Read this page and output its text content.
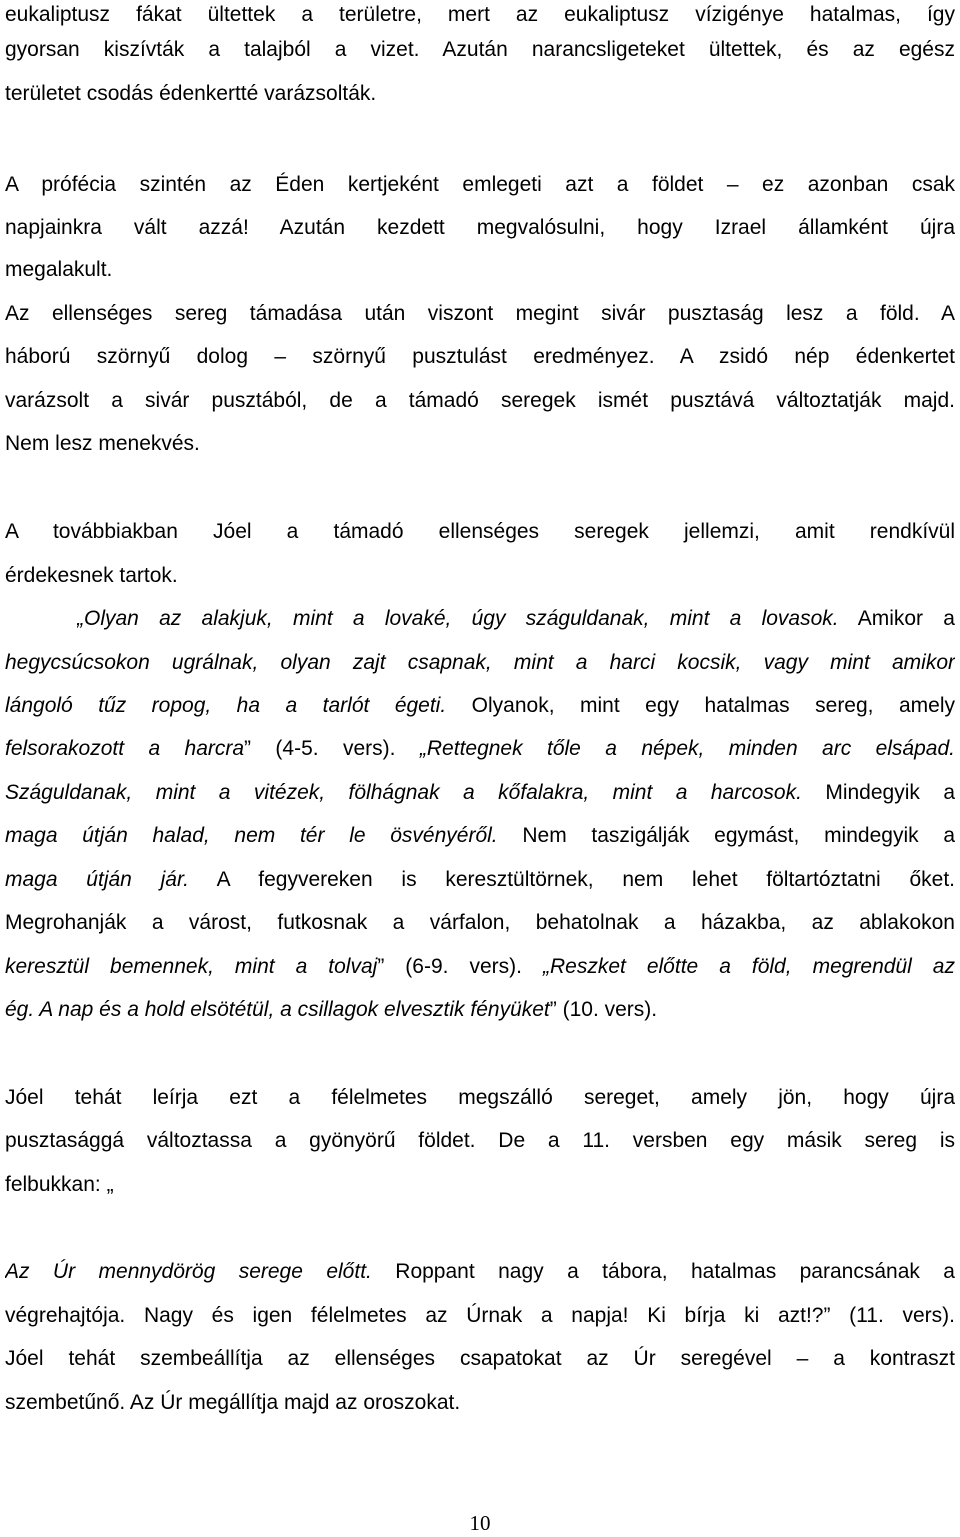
eukaliptusz fákat ültettek a területre, mert az eukaliptusz vízigénye hatalmas, így
gyorsan kiszívták a talajból a vizet. Azután narancsligeteket ültettek, és az egész
területet csodás édenkertté varázsolták.
A prófécia szintén az Éden kertjeként emlegeti azt a földet – ez azonban csak
napjainkra vált azzá! Azután kezdett megvalósulni, hogy Izrael államként újra
megalakult.
Az ellenséges sereg támadása után viszont megint sivár pusztaság lesz a föld. A
háború szörnyű dolog – szörnyű pusztulást eredményez. A zsidó nép édenkertet
varázsolt a sivár pusztából, de a támadó seregek ismét pusztává változtatják majd.
Nem lesz menekvés.
A továbbiakban Jóel a támadó ellenséges seregek jellemzi, amit rendkívül
érdekesnek tartok.
„Olyan az alakjuk, mint a lovaké, úgy száguldanak, mint a lovasok. Amikor a
hegycsúcsokon ugrálnak, olyan zajt csapnak, mint a harci kocsik, vagy mint amikor
lángoló tűz ropog, ha a tarlót égeti. Olyanok, mint egy hatalmas sereg, amely
felsorakozott a harcra” (4-5. vers). „Rettegnek tőle a népek, minden arc elsápad.
Száguldanak, mint a vitézek, fölhágnak a kőfalakra, mint a harcosok. Mindegyik a
maga útján halad, nem tér le ösvényéről. Nem taszigálják egymást, mindegyik a
maga útján jár. A fegyvereken is keresztültörnek, nem lehet föltartóztatni őket.
Megrohanják a várost, futkosnak a várfalon, behatolnak a házakba, az ablakokon
keresztül bemennek, mint a tolvaj” (6-9. vers). „Reszket előtte a föld, megrendül az
ég. A nap és a hold elsötétül, a csillagok elvesztik fényüket” (10. vers).
Jóel tehát leírja ezt a félelmetes megszálló sereget, amely jön, hogy újra
pusztasággá változtassa a gyönyörű földet. De a 11. versben egy másik sereg is
felbukkan: „
Az Úr mennydörög serege előtt. Roppant nagy a tábora, hatalmas parancsának a
végrehajtója. Nagy és igen félelmetes az Úrnak a napja! Ki bírja ki azt!?” (11. vers).
Jóel tehát szembeállítja az ellenséges csapatokat az Úr seregével – a kontraszt
szembetűnő. Az Úr megállítja majd az oroszokat.
10
